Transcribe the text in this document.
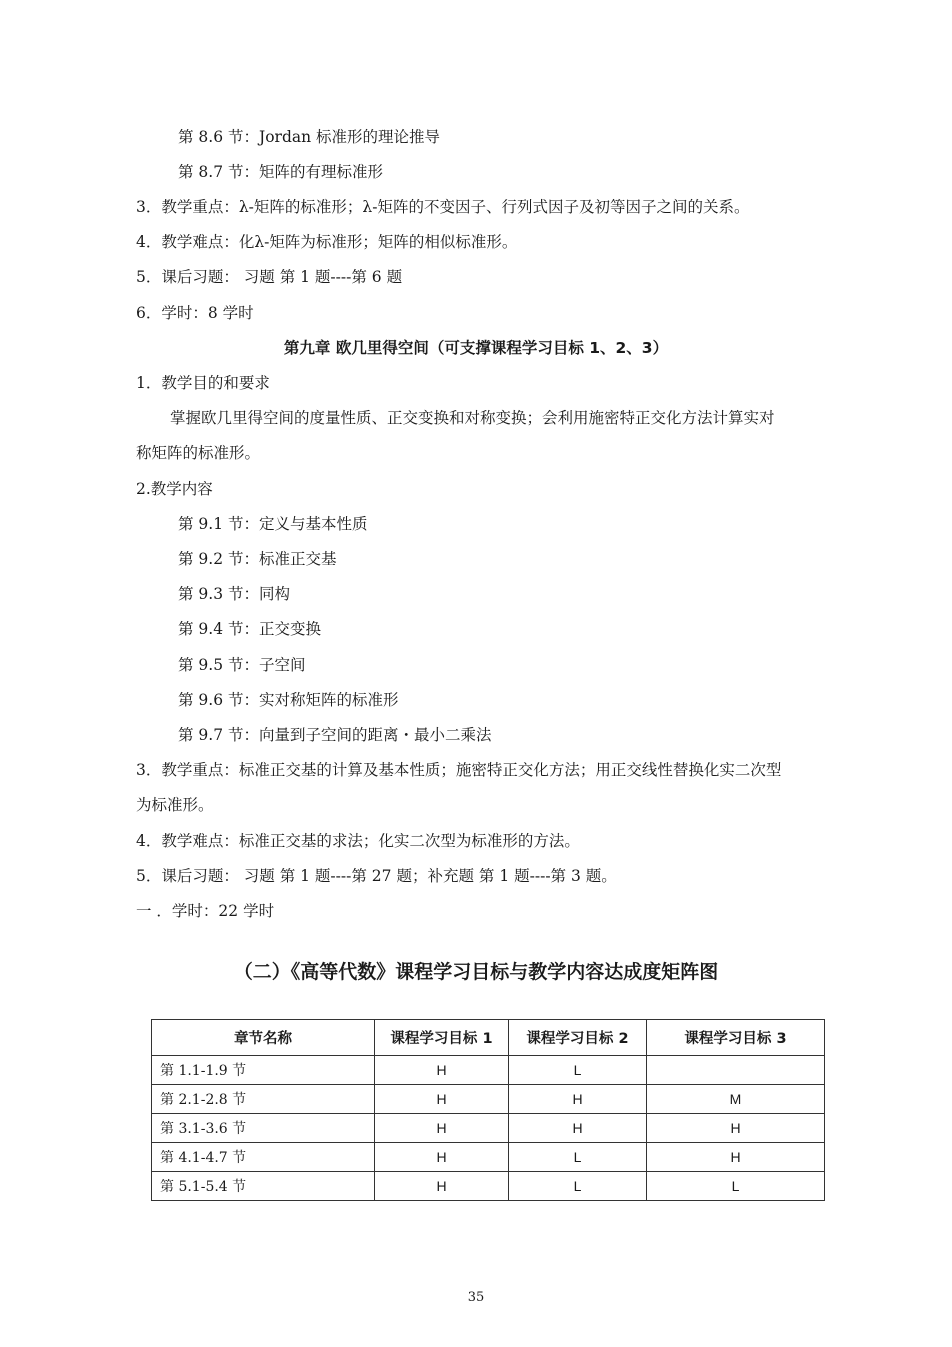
第 8.6 节：Jordan 标准形的理论推导
第 8.7 节：矩阵的有理标准形
3．教学重点：λ-矩阵的标准形；λ-矩阵的不变因子、行列式因子及初等因子之间的关系。
4．教学难点：化λ-矩阵为标准形；矩阵的相似标准形。
5．课后习题： 习题 第 1 题----第 6 题
6．学时：8 学时
第九章 欧几里得空间（可支撑课程学习目标 1、2、3）
1．教学目的和要求
掌握欧几里得空间的度量性质、正交变换和对称变换；会利用施密特正交化方法计算实对
称矩阵的标准形。
2.教学内容
第 9.1 节：定义与基本性质
第 9.2 节：标准正交基
第 9.3 节：同构
第 9.4 节：正交变换
第 9.5 节：子空间
第 9.6 节：实对称矩阵的标准形
第 9.7 节：向量到子空间的距离・最小二乘法
3．教学重点：标准正交基的计算及基本性质；施密特正交化方法；用正交线性替换化实二次型
为标准形。
4．教学难点：标准正交基的求法；化实二次型为标准形的方法。
5．课后习题： 习题 第 1 题----第 27 题；补充题 第 1 题----第 3 题。
一 ．学时：22 学时
（二）《高等代数》课程学习目标与教学内容达成度矩阵图
章节名称	课程学习目标 1	课程学习目标 2	课程学习目标 3
第 1.1-1.9 节	H	L	
第 2.1-2.8 节	H	H	M
第 3.1-3.6 节	H	H	H
第 4.1-4.7 节	H	L	H
第 5.1-5.4 节	H	L	L
35
